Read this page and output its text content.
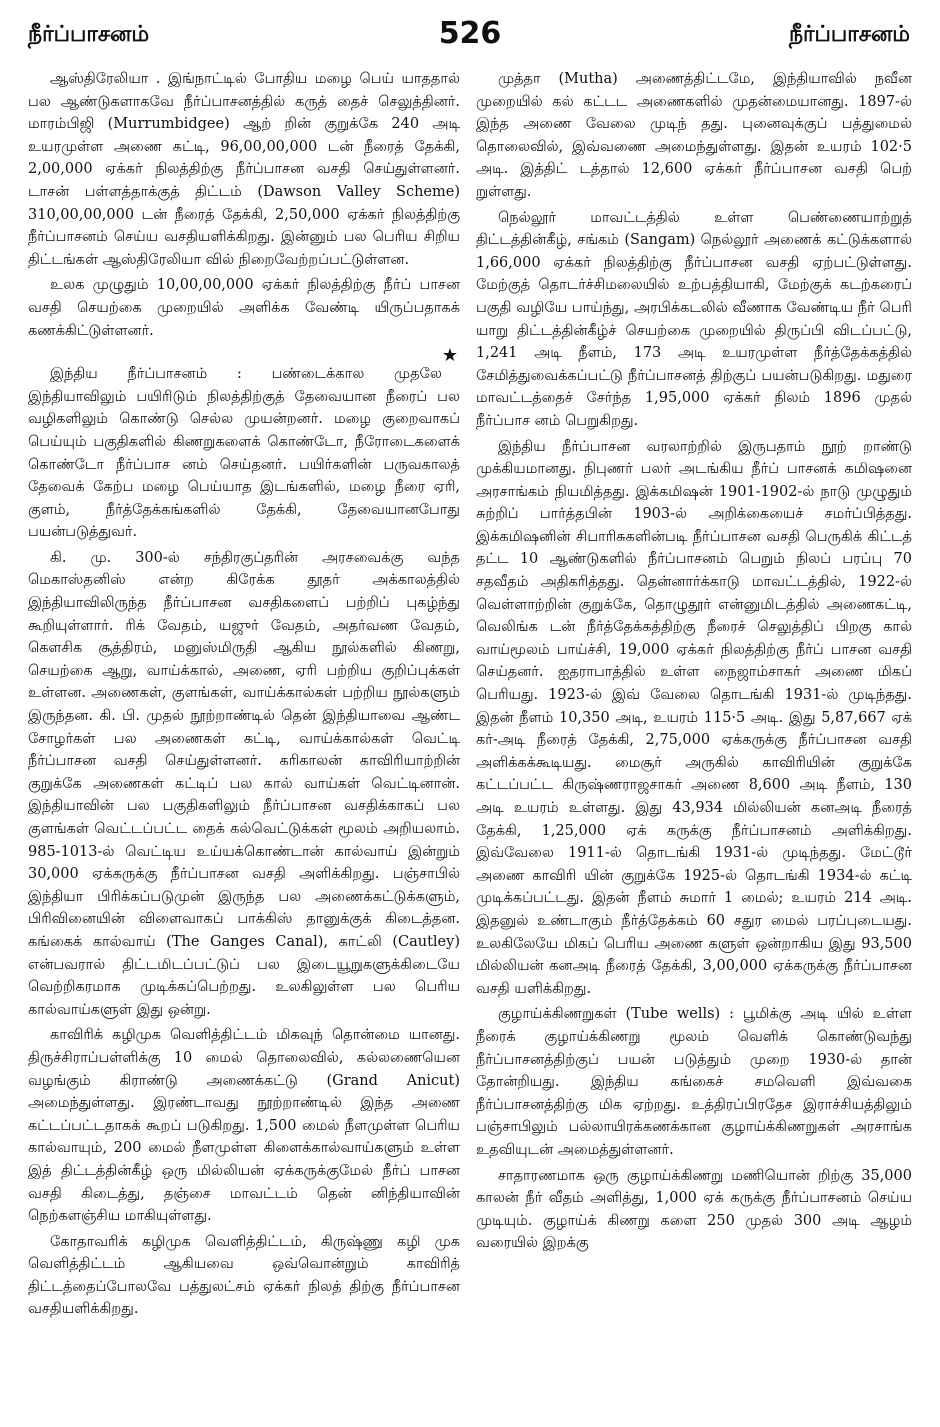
நீர்ப்பாசனம்	526	நீர்ப்பாசனம்

ஆஸ்திரேலியா . இங்நாட்டில் போதிய மழை பெய் யாததால் பல ஆண்டுகளாகவே நீர்ப்பாசனத்தில் கருத் தைச் செலுத்தினர். மாரம்பிஜி (Murrumbidgee) ஆற் றின் குறுக்கே 240 அடி உயரமுள்ள அணை கட்டி, 96,00,00,000 டன் நீரைத் தேக்கி, 2,00,000 ஏக்கர் நிலத்திற்கு நீர்ப்பாசன வசதி செய்துள்ளனர். டாசன் பள்ளத்தாக்குத் திட்டம் (Dawson Valley Scheme) 310,00,00,000 டன் நீரைத் தேக்கி, 2,50,000 ஏக்கர் நிலத்திற்கு நீர்ப்பாசனம் செய்ய வசதியளிக்கிறது. இன்னும் பல பெரிய சிறிய திட்டங்கள் ஆஸ்திரேலியா வில் நிறைவேற்றப்பட்டுள்ளன.

உலக முழுதும் 10,00,00,000 ஏக்கர் நிலத்திற்கு நீர்ப் பாசன வசதி செயற்கை முறையில் அளிக்க வேண்டி யிருப்பதாகக் கணக்கிட்டுள்ளனர்.

★

இந்திய நீர்ப்பாசனம் : பண்டைக்கால முதலே இந்தியாவிலும் பயிரிடும் நிலத்திற்குத் தேவையான நீரைப் பல வழிகளிலும் கொண்டு செல்ல முயன்றனர். மழை குறைவாகப் பெய்யும் பகுதிகளில் கிணறுகளைக் கொண்டோ, நீரோடைகளைக் கொண்டோ நீர்ப்பாச னம் செய்தனர். பயிர்களின் பருவகாலத் தேவைக் கேற்ப மழை பெய்யாத இடங்களில், மழை நீரை ஏரி, குளம், நீர்த்தேக்கங்களில் தேக்கி, தேவையானபோது பயன்படுத்துவர்.

கி. மு. 300-ல் சந்திரகுப்தரின் அரசவைக்கு வந்த மெகாஸ்தனிஸ் என்ற கிரேக்க தூதர் அக்காலத்தில் இந்தியாவிலிருந்த நீர்ப்பாசன வசதிகளைப் பற்றிப் புகழ்ந்து கூறியுள்ளார். ரிக் வேதம், யஜுர் வேதம், அதர்வண வேதம், கௌசிக சூத்திரம், மனுஸ்மிருதி ஆகிய நூல்களில் கிணறு, செயற்கை ஆறு, வாய்க்கால், அணை, ஏரி பற்றிய குறிப்புக்கள் உள்ளன. அணைகள், குளங்கள், வாய்க்கால்கள் பற்றிய நூல்களும் இருந்தன. கி. பி. முதல் நூற்றாண்டில் தென் இந்தியாவை ஆண்ட சோழர்கள் பல அணைகள் கட்டி, வாய்க்கால்கள் வெட்டி நீர்ப்பாசன வசதி செய்துள்ளனர். கரிகாலன் காவிரியாற்றின் குறுக்கே அணைகள் கட்டிப் பல கால் வாய்கள் வெட்டினான். இந்தியாவின் பல பகுதிகளிலும் நீர்ப்பாசன வசதிக்காகப் பல குளங்கள் வெட்டப்பட்ட தைக் கல்வெட்டுக்கள் மூலம் அறியலாம். 985-1013-ல் வெட்டிய உய்யக்கொண்டான் கால்வாய் இன்றும் 30,000 ஏக்கருக்கு நீர்ப்பாசன வசதி அளிக்கிறது. பஞ்சாபில் இந்தியா பிரிக்கப்படுமுன் இருந்த பல அணைக்கட்டுக்களும், பிரிவினையின் விளைவாகப் பாக்கிஸ் தானுக்குக் கிடைத்தன. கங்கைக் கால்வாய் (The Ganges Canal), காட்லி (Cautley) என்பவரால் திட்டமிடப்பட்டுப் பல இடையூறுகளுக்கிடையே வெற்றிகரமாக முடிக்கப்பெற்றது. உலகிலுள்ள பல பெரிய கால்வாய்களுள் இது ஒன்று.

காவிரிக் கழிமுக வெளித்திட்டம் மிகவுந் தொன்மை யானது. திருச்சிராப்பள்ளிக்கு 10 மைல் தொலைவில், கல்லணையென வழங்கும் கிராண்டு அணைக்கட்டு (Grand Anicut) அமைந்துள்ளது. இரண்டாவது நூற்றாண்டில் இந்த அணை கட்டப்பட்டதாகக் கூறப் படுகிறது. 1,500 மைல் நீளமுள்ள பெரிய கால்வாயும், 200 மைல் நீளமுள்ள கிளைக்கால்வாய்களும் உள்ள இத் திட்டத்தின்கீழ் ஒரு மில்லியன் ஏக்கருக்குமேல் நீர்ப் பாசன வசதி கிடைத்து, தஞ்சை மாவட்டம் தென் னிந்தியாவின் நெற்களஞ்சிய மாகியுள்ளது.

கோதாவரிக் கழிமுக வெளித்திட்டம், கிருஷ்ணு கழி முக வெளித்திட்டம் ஆகியவை ஒவ்வொன்றும் காவிரித் திட்டத்தைப்போலவே பத்துலட்சம் ஏக்கர் நிலத் திற்கு நீர்ப்பாசன வசதியளிக்கிறது.

முத்தா (Mutha) அணைத்திட்டமே, இந்தியாவில் நவீன முறையில் கல் கட்டட அணைகளில் முதன்மையானது. 1897-ல் இந்த அணை வேலை முடிந் தது. புனைவுக்குப் பத்துமைல் தொலைவில், இவ்வணை அமைந்துள்ளது. இதன் உயரம் 102·5 அடி. இத்திட் டத்தால் 12,600 ஏக்கர் நீர்ப்பாசன வசதி பெற் றுள்ளது.

நெல்லூர் மாவட்டத்தில் உள்ள பெண்ணையாற்றுத் திட்டத்தின்கீழ், சங்கம் (Sangam) நெல்லூர் அணைக் கட்டுக்களால் 1,66,000 ஏக்கர் நிலத்திற்கு நீர்ப்பாசன வசதி ஏற்பட்டுள்ளது. மேற்குத் தொடர்ச்சிமலையில் உற்பத்தியாகி, மேற்குக் கடற்கரைப் பகுதி வழியே பாய்ந்து, அரபிக்கடலில் வீணாக வேண்டிய நீர் பெரி யாறு திட்டத்தின்கீழ்ச் செயற்கை முறையில் திருப்பி விடப்பட்டு, 1,241 அடி நீளம், 173 அடி உயரமுள்ள நீர்த்தேக்கத்தில் சேமித்துவைக்கப்பட்டு நீர்ப்பாசனத் திற்குப் பயன்படுகிறது. மதுரை மாவட்டத்தைச் சேர்ந்த 1,95,000 ஏக்கர் நிலம் 1896 முதல் நீர்ப்பாச னம் பெறுகிறது.

இந்திய நீர்ப்பாசன வரலாற்றில் இருபதாம் நூற் றாண்டு முக்கியமானது. நிபுணர் பலர் அடங்கிய நீர்ப் பாசனக் கமிஷனை அரசாங்கம் நியமித்தது. இக்கமிஷன் 1901-1902-ல் நாடு முழுதும் சுற்றிப் பார்த்தபின் 1903-ல் அறிக்கையைச் சமர்ப்பித்தது. இக்கமிஷனின் சிபாரிசுகளின்படி நீர்ப்பாசன வசதி பெருகிக் கிட்டத் தட்ட 10 ஆண்டுகளில் நீர்ப்பாசனம் பெறும் நிலப் பரப்பு 70 சதவீதம் அதிகரித்தது. தென்னார்க்காடு மாவட்டத்தில், 1922-ல் வெள்ளாற்றின் குறுக்கே, தொழுதூர் என்னுமிடத்தில் அணைகட்டி, வெலிங்க டன் நீர்த்தேக்கத்திற்கு நீரைச் செலுத்திப் பிறகு கால் வாய்மூலம் பாய்ச்சி, 19,000 ஏக்கர் நிலத்திற்கு நீர்ப் பாசன வசதி செய்தனர். ஐதராபாத்தில் உள்ள நைஜாம்சாகர் அணை மிகப் பெரியது. 1923-ல் இவ் வேலை தொடங்கி 1931-ல் முடிந்தது. இதன் நீளம் 10,350 அடி, உயரம் 115·5 அடி. இது 5,87,667 ஏக் கர்-அடி நீரைத் தேக்கி, 2,75,000 ஏக்கருக்கு நீர்ப்பாசன வசதி அளிக்கக்கூடியது. மைசூர் அருகில் காவிரியின் குறுக்கே கட்டப்பட்ட கிருஷ்ணராஜசாகர் அணை 8,600 அடி நீளம், 130 அடி உயரம் உள்ளது. இது 43,934 மில்லியன் கனஅடி நீரைத் தேக்கி, 1,25,000 ஏக் கருக்கு நீர்ப்பாசனம் அளிக்கிறது. இவ்வேலை 1911-ல் தொடங்கி 1931-ல் முடிந்தது. மேட்டூர் அணை காவிரி யின் குறுக்கே 1925-ல் தொடங்கி 1934-ல் கட்டி முடிக்கப்பட்டது. இதன் நீளம் சுமார் 1 மைல்; உயரம் 214 அடி. இதனுல் உண்டாகும் நீர்த்தேக்கம் 60 சதுர மைல் பரப்புடையது. உலகிலேயே மிகப் பெரிய அணை களுள் ஒன்றாகிய இது 93,500 மில்லியன் கனஅடி நீரைத் தேக்கி, 3,00,000 ஏக்கருக்கு நீர்ப்பாசன வசதி யளிக்கிறது.

குழாய்க்கிணறுகள் (Tube wells) : பூமிக்கு அடி யில் உள்ள நீரைக் குழாய்க்கிணறு மூலம் வெளிக் கொண்டுவந்து நீர்ப்பாசனத்திற்குப் பயன் படுத்தும் முறை 1930-ல் தான் தோன்றியது. இந்திய கங்கைச் சமவெளி இவ்வகை நீர்ப்பாசனத்திற்கு மிக ஏற்றது. உத்திரப்பிரதேச இராச்சியத்திலும் பஞ்சாபிலும் பல்லாயிரக்கணக்கான குழாய்க்கிணறுகள் அரசாங்க உதவியுடன் அமைத்துள்ளனர்.

சாதாரணமாக ஒரு குழாய்க்கிணறு மணியொன் றிற்கு 35,000 காலன் நீர் வீதம் அளித்து, 1,000 ஏக் கருக்கு நீர்ப்பாசனம் செய்ய முடியும். குழாய்க் கிணறு களை 250 முதல் 300 அடி ஆழம் வரையில் இறக்கு
